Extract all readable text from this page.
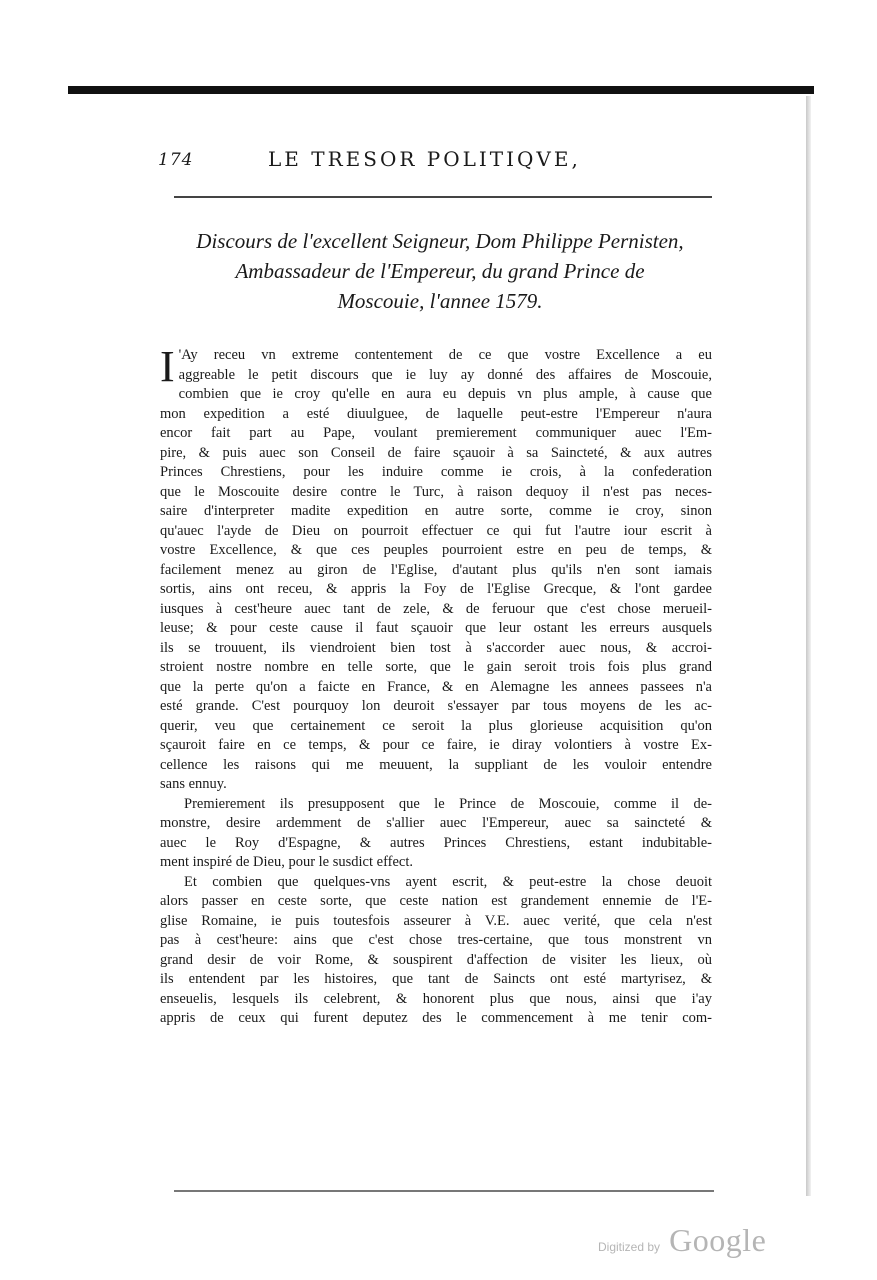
174	LE TRESOR POLITIQVE,
Discours de l'excellent Seigneur, Dom Philippe Pernisten,
Ambassadeur de l'Empereur, du grand Prince de
Moscouie, l'annee 1579.
I 'Ay receu vn extreme contentement de ce que vostre Excellence a eu
aggreable le petit discours que ie luy ay donné des affaires de Moscouie,
combien que ie croy qu'elle en aura eu depuis vn plus ample, à cause que
mon expedition a esté diuulguee, de laquelle peut-estre l'Empereur n'aura
encor fait part au Pape, voulant premierement communiquer auec l'Em-
pire, & puis auec son Conseil de faire sçauoir à sa Saincteté, & aux autres
Princes Chrestiens, pour les induire comme ie crois, à la confederation
que le Moscouite desire contre le Turc, à raison dequoy il n'est pas neces-
saire d'interpreter madite expedition en autre sorte, comme ie croy, sinon
qu'auec l'ayde de Dieu on pourroit effectuer ce qui fut l'autre iour escrit à
vostre Excellence, & que ces peuples pourroient estre en peu de temps, &
facilement menez au giron de l'Eglise, d'autant plus qu'ils n'en sont iamais
sortis, ains ont receu, & appris la Foy de l'Eglise Grecque, & l'ont gardee
iusques à cest'heure auec tant de zele, & de feruour que c'est chose merueil-
leuse; & pour ceste cause il faut sçauoir que leur ostant les erreurs ausquels
ils se trouuent, ils viendroient bien tost à s'accorder auec nous, & accroi-
stroient nostre nombre en telle sorte, que le gain seroit trois fois plus grand
que la perte qu'on a faicte en France, & en Alemagne les annees passees n'a
esté grande. C'est pourquoy lon deuroit s'essayer par tous moyens de les ac-
querir, veu que certainement ce seroit la plus glorieuse acquisition qu'on
sçauroit faire en ce temps, & pour ce faire, ie diray volontiers à vostre Ex-
cellence les raisons qui me meuuent, la suppliant de les vouloir entendre
sans ennuy.
Premierement ils presupposent que le Prince de Moscouie, comme il de-
monstre, desire ardemment de s'allier auec l'Empereur, auec sa saincteté &
auec le Roy d'Espagne, & autres Princes Chrestiens, estant indubitable-
ment inspiré de Dieu, pour le susdict effect.
Et combien que quelques-vns ayent escrit, & peut-estre la chose deuoit
alors passer en ceste sorte, que ceste nation est grandement ennemie de l'E-
glise Romaine, ie puis toutesfois asseurer à V.E. auec verité, que cela n'est
pas à cest'heure: ains que c'est chose tres-certaine, que tous monstrent vn
grand desir de voir Rome, & souspirent d'affection de visiter les lieux, où
ils entendent par les histoires, que tant de Saincts ont esté martyrisez, &
enseuelis, lesquels ils celebrent, & honorent plus que nous, ainsi que i'ay
appris de ceux qui furent deputez des le commencement à me tenir com-
Digitized by Google
